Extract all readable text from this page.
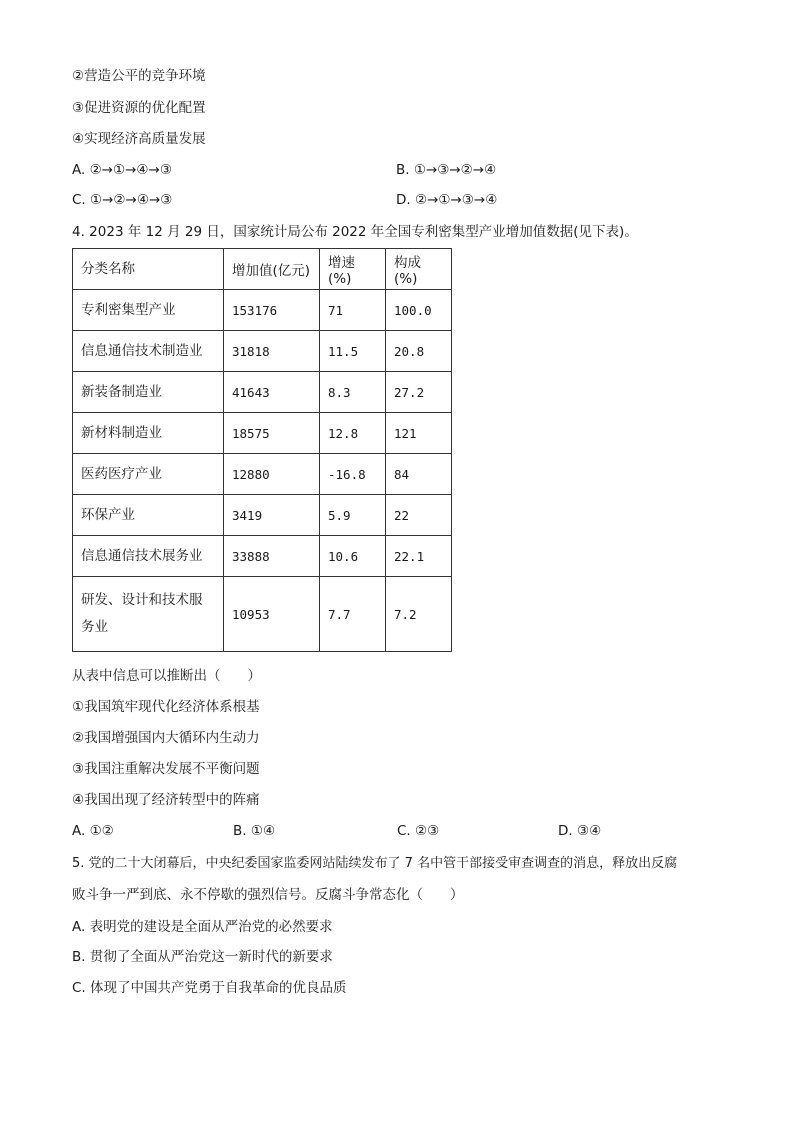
②营造公平的竞争环境
③促进资源的优化配置
④实现经济高质量发展
A. ②→①→④→③	B. ①→③→②→④
C. ①→②→④→③	D. ②→①→③→④
4. 2023 年 12 月 29 日，国家统计局公布 2022 年全国专利密集型产业增加值数据(见下表)。
分类名称	增加值(亿元)	增速(%)	构成(%)
专利密集型产业	153176	71	100.0
信息通信技术制造业	31818	11.5	20.8
新装备制造业	41643	8.3	27.2
新材料制造业	18575	12.8	121
医药医疗产业	12880	-16.8	84
环保产业	3419	5.9	22
信息通信技术展务业	33888	10.6	22.1
研发、设计和技术服务业	10953	7.7	7.2
从表中信息可以推断出（　　）
①我国筑牢现代化经济体系根基
②我国增强国内大循环内生动力
③我国注重解决发展不平衡问题
④我国出现了经济转型中的阵痛
A. ①②	B. ①④	C. ②③	D. ③④
5. 党的二十大闭幕后，中央纪委国家监委网站陆续发布了 7 名中管干部接受审查调查的消息，释放出反腐
败斗争一严到底、永不停歇的强烈信号。反腐斗争常态化（　　）
A. 表明党的建设是全面从严治党的必然要求
B. 贯彻了全面从严治党这一新时代的新要求
C. 体现了中国共产党勇于自我革命的优良品质
